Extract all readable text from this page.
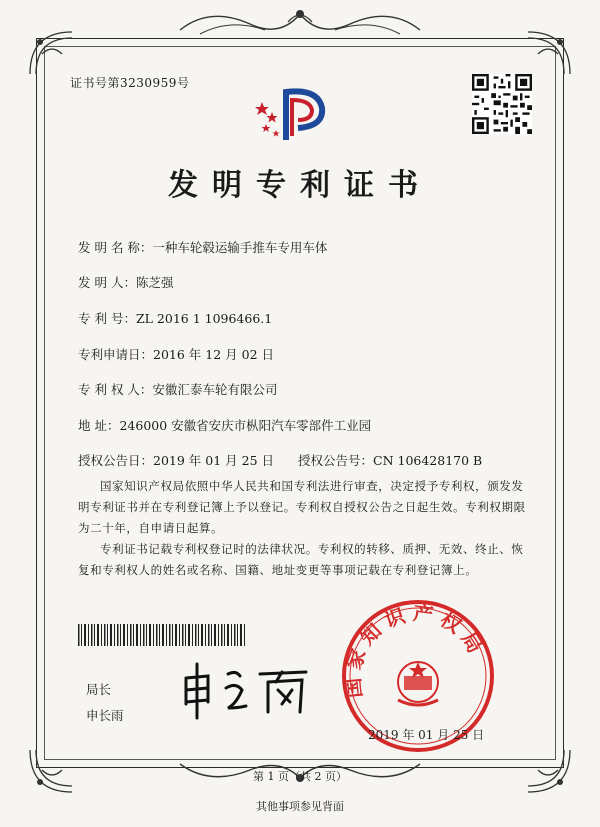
证书号第3230959号
发明专利证书
发 明 名 称：一种车轮毂运输手推车专用车体
发 明 人：陈芝强
专 利 号：ZL 2016 1 1096466.1
专利申请日：2016 年 12 月 02 日
专 利 权 人：安徽汇泰车轮有限公司
地 址：246000 安徽省安庆市枞阳汽车零部件工业园
授权公告日：2019 年 01 月 25 日 授权公告号：CN 106428170 B
国家知识产权局依照中华人民共和国专利法进行审查，决定授予专利权，颁发发明专利证书并在专利登记簿上予以登记。专利权自授权公告之日起生效。专利权期限为二十年，自申请日起算。
专利证书记载专利权登记时的法律状况。专利权的转移、质押、无效、终止、恢复和专利权人的姓名或名称、国籍、地址变更等事项记载在专利登记簿上。
局长
申长雨
国家知识产权局
2019 年 01 月 25 日
第 1 页（共 2 页）
其他事项参见背面
